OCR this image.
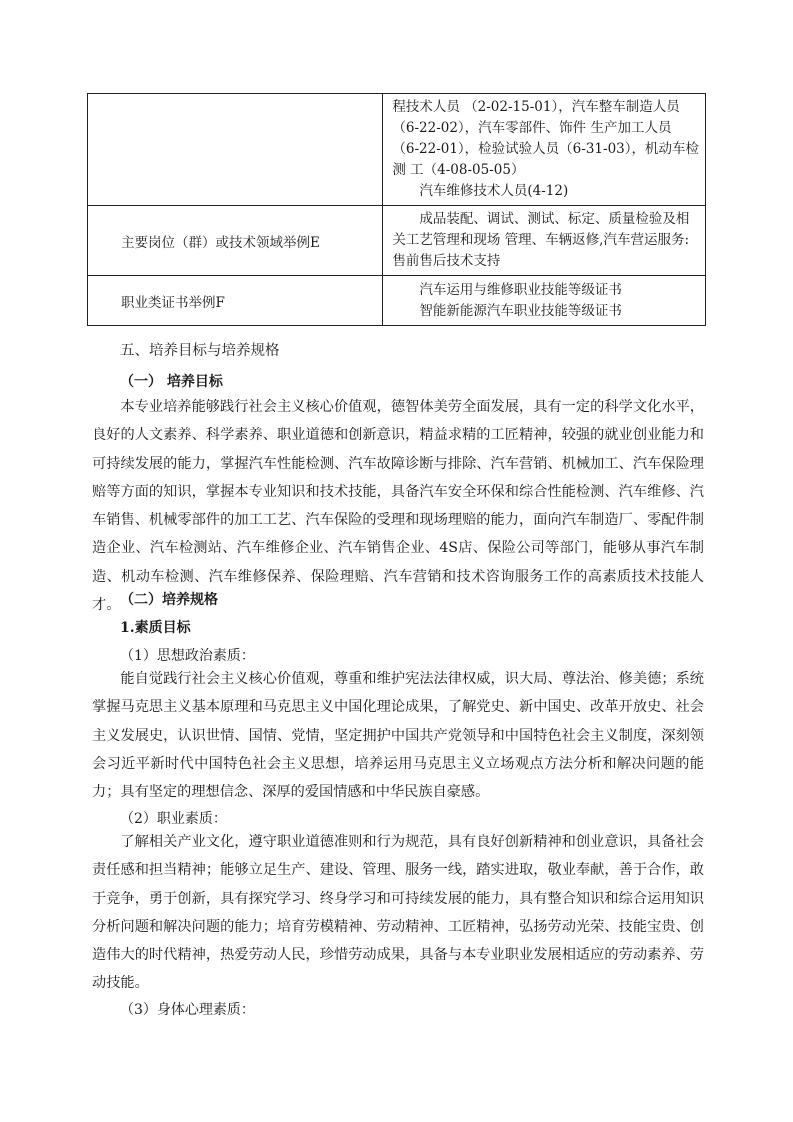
	程技术人员 （2-02-15-01），汽车整车制造人员
（6-22-02），汽车零部件、饰件 生产加工人员
（6-22-01），检验试验人员（6-31-03），机动车检
测 工（4-08-05-05）
汽车维修技术人员(4-12)

主要岗位（群）或技术领域举例E	成品装配、调试、测试、标定、质量检验及相
关工艺管理和现场 管理、车辆返修,汽车营运服务:
售前售后技术支持

职业类证书举例F	汽车运用与维修职业技能等级证书
智能新能源汽车职业技能等级证书
五、培养目标与培养规格
（一） 培养目标

本专业培养能够践行社会主义核心价值观，德智体美劳全面发展，具有一定的科学文化水平，良好的人文素养、科学素养、职业道德和创新意识，精益求精的工匠精神，较强的就业创业能力和可持续发展的能力，掌握汽车性能检测、汽车故障诊断与排除、汽车营销、机械加工、汽车保险理赔等方面的知识，掌握本专业知识和技术技能，具备汽车安全环保和综合性能检测、汽车维修、汽车销售、机械零部件的加工工艺、汽车保险的受理和现场理赔的能力，面向汽车制造厂、零配件制造企业、汽车检测站、汽车维修企业、汽车销售企业、4S店、保险公司等部门，能够从事汽车制造、机动车检测、汽车维修保养、保险理赔、汽车营销和技术咨询服务工作的高素质技术技能人才。 （二）培养规格
1.素质目标

（1）思想政治素质：

能自觉践行社会主义核心价值观，尊重和维护宪法法律权威，识大局、尊法治、修美德；系统掌握马克思主义基本原理和马克思主义中国化理论成果，了解党史、新中国史、改革开放史、社会主义发展史，认识世情、国情、党情，坚定拥护中国共产党领导和中国特色社会主义制度，深刻领会习近平新时代中国特色社会主义思想，培养运用马克思主义立场观点方法分析和解决问题的能力；具有坚定的理想信念、深厚的爱国情感和中华民族自豪感。

（2）职业素质：

了解相关产业文化，遵守职业道德准则和行为规范，具有良好创新精神和创业意识，具备社会责任感和担当精神；能够立足生产、建设、管理、服务一线，踏实进取，敬业奉献，善于合作，敢于竞争，勇于创新，具有探究学习、终身学习和可持续发展的能力，具有整合知识和综合运用知识分析问题和解决问题的能力；培育劳模精神、劳动精神、工匠精神，弘扬劳动光荣、技能宝贵、创造伟大的时代精神，热爱劳动人民，珍惜劳动成果，具备与本专业职业发展相适应的劳动素养、劳动技能。

（3）身体心理素质：
